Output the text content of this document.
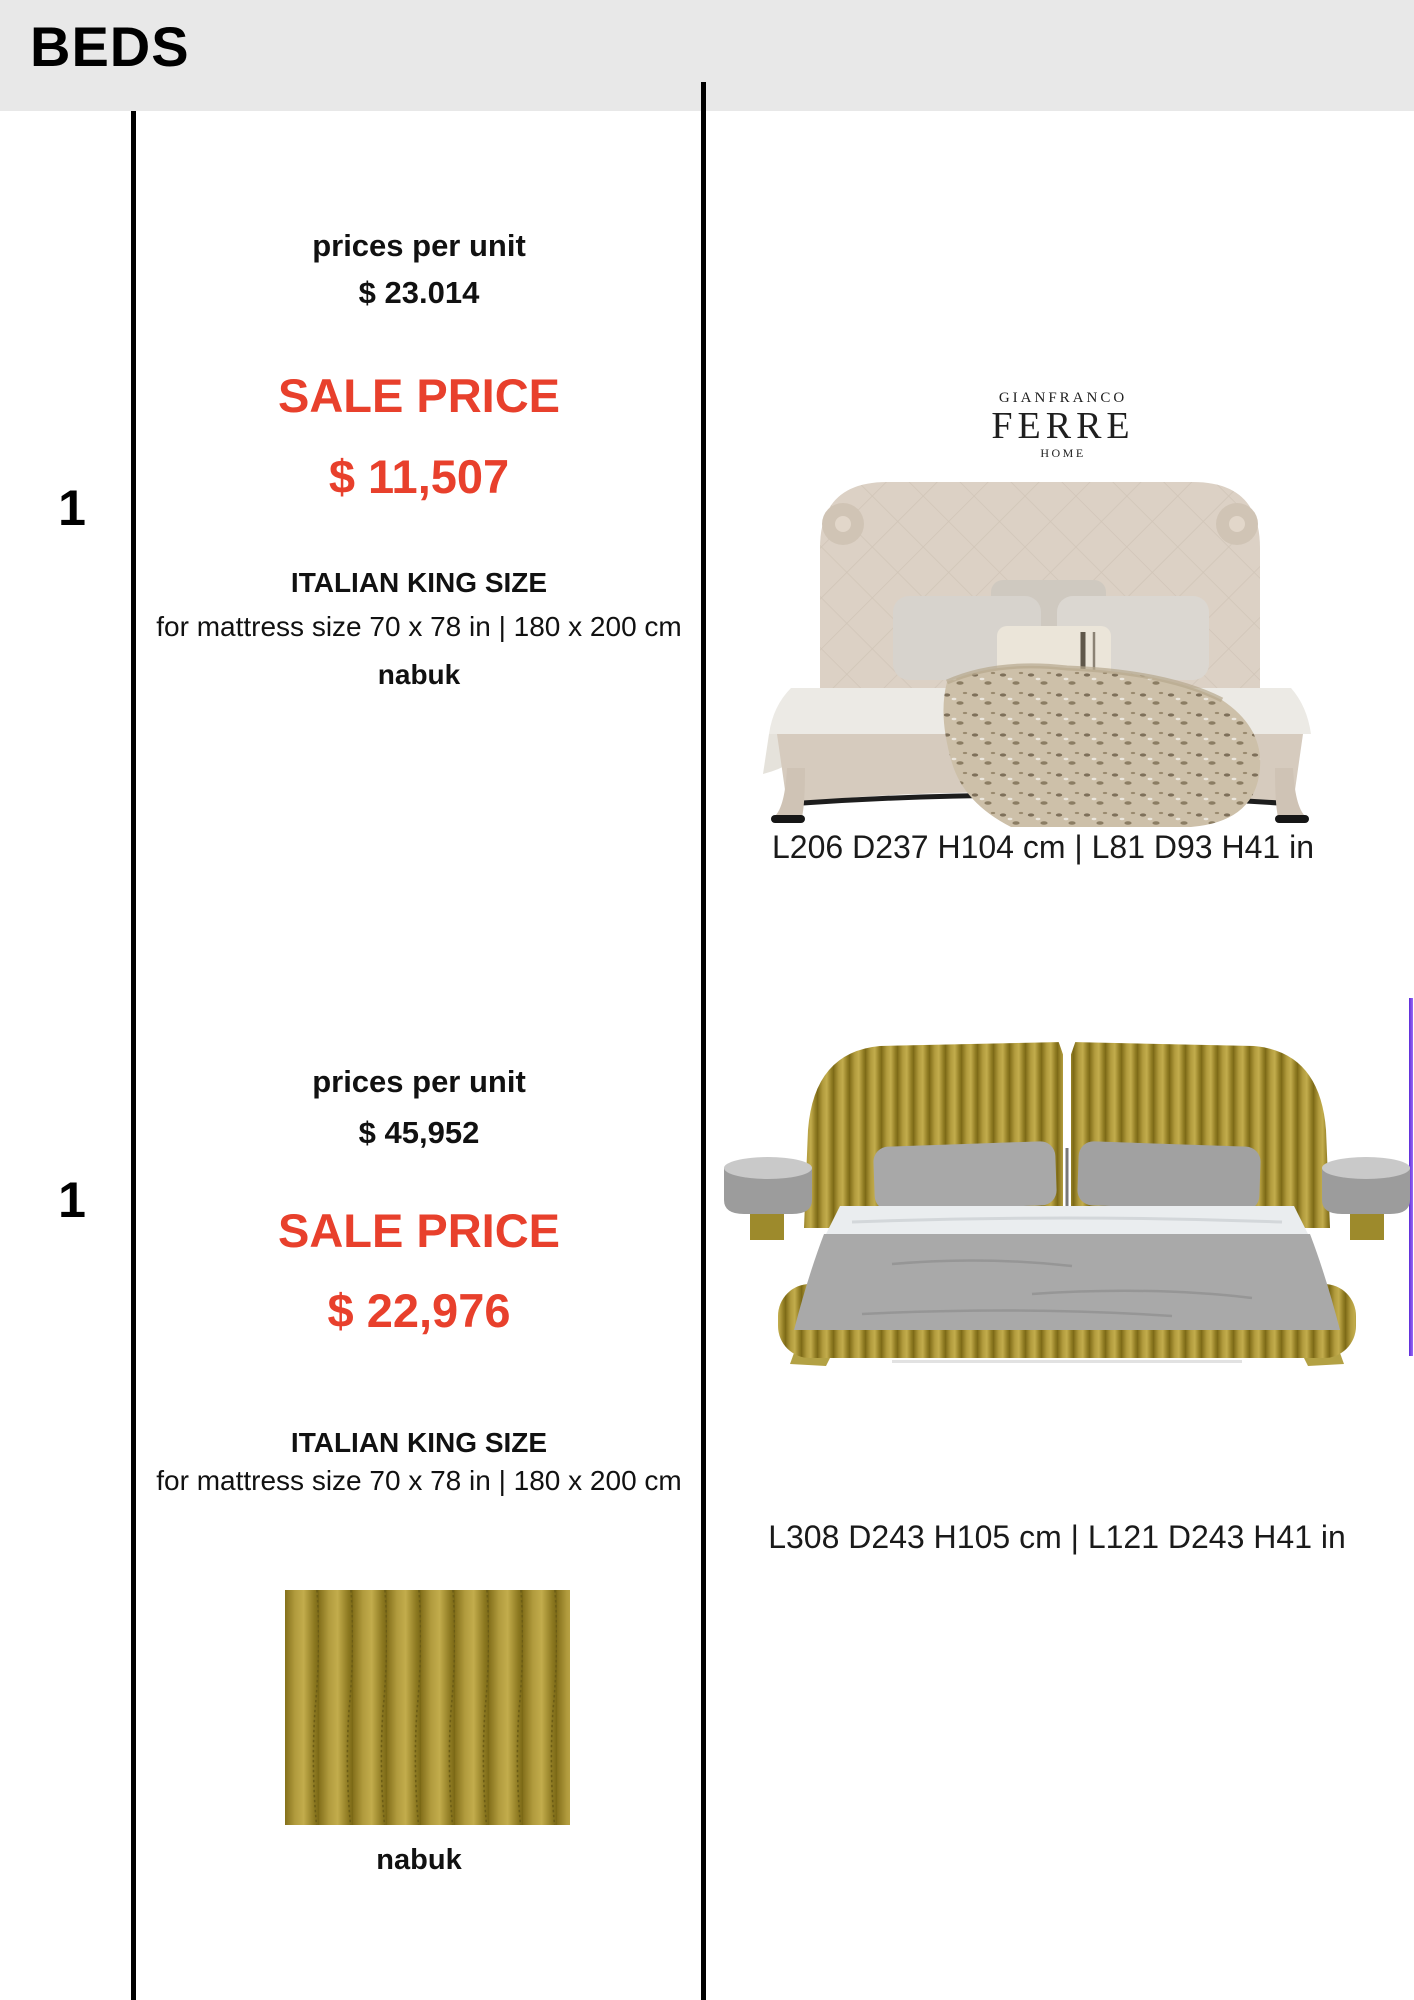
BEDS
1
1
prices per unit
$ 23.014
SALE PRICE
$ 11,507
ITALIAN KING SIZE
for mattress size 70 x 78 in | 180 x 200 cm
nabuk
GIANFRANCO
FERRE
HOME
L206 D237 H104 cm | L81 D93 H41 in
prices per unit
$ 45,952
SALE PRICE
$ 22,976
ITALIAN KING SIZE
for mattress size 70 x 78 in | 180 x 200 cm
nabuk
L308 D243 H105 cm | L121 D243 H41 in
